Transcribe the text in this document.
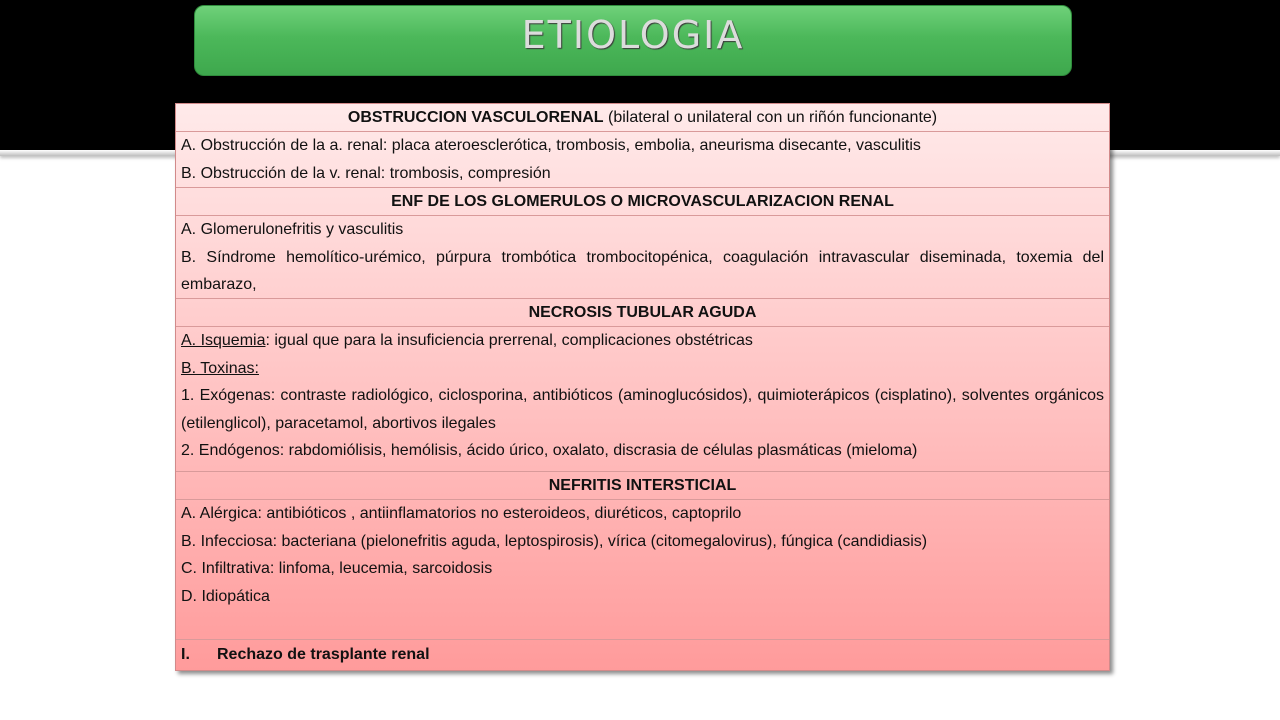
ETIOLOGIA
OBSTRUCCION VASCULORENAL (bilateral o unilateral con un riñón funcionante)
A. Obstrucción de la a. renal: placa ateroesclerótica, trombosis, embolia, aneurisma disecante, vasculitis
B. Obstrucción de la v. renal: trombosis, compresión
ENF DE LOS GLOMERULOS O MICROVASCULARIZACION RENAL
A. Glomerulonefritis y vasculitis
B. Síndrome hemolítico-urémico, púrpura trombótica trombocitopénica, coagulación intravascular diseminada, toxemia del embarazo,
NECROSIS TUBULAR AGUDA
A. Isquemia: igual que para la insuficiencia prerrenal, complicaciones obstétricas
B. Toxinas:
1. Exógenas: contraste radiológico, ciclosporina, antibióticos (aminoglucósidos), quimioterápicos (cisplatino), solventes orgánicos (etilenglicol), paracetamol, abortivos ilegales
2. Endógenos: rabdomiólisis, hemólisis, ácido úrico, oxalato, discrasia de células plasmáticas (mieloma)
NEFRITIS INTERSTICIAL
A. Alérgica: antibióticos , antiinflamatorios no esteroideos, diuréticos, captoprilo
B. Infecciosa: bacteriana (pielonefritis aguda, leptospirosis), vírica (citomegalovirus), fúngica (candidiasis)
C. Infiltrativa: linfoma, leucemia, sarcoidosis
D. Idiopática
I. Rechazo de trasplante renal
